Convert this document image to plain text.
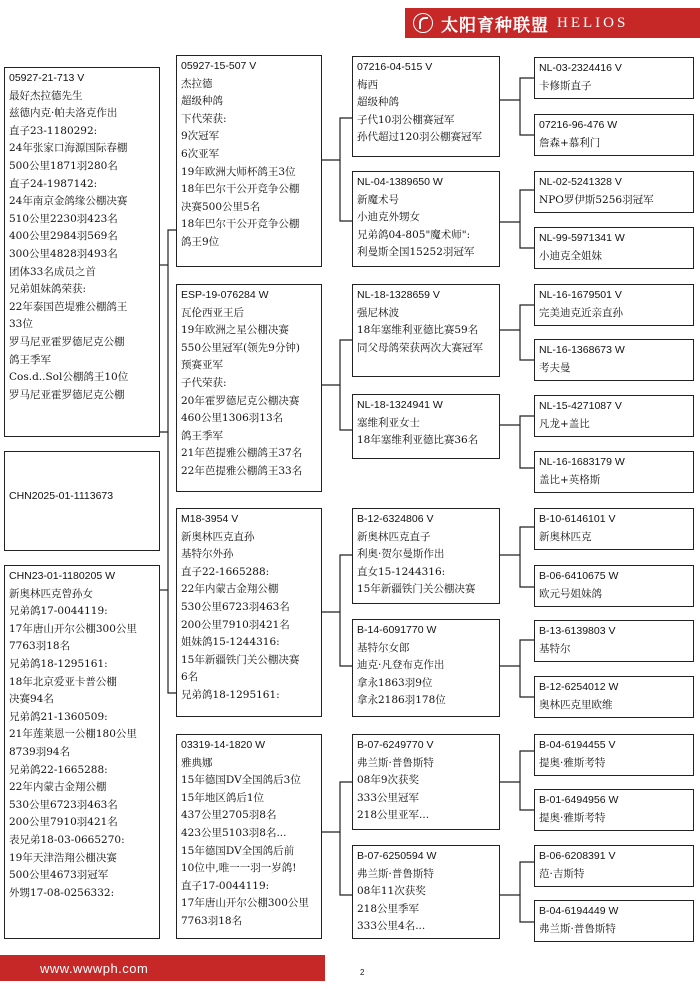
太阳育种联盟 HELIOS
05927-21-713 V
最好杰拉德先生
兹德内克·帕夫洛克作出
直子23-1180292:
24年张家口海源国际春棚
500公里1871羽280名
直子24-1987142:
24年南京金鸽缘公棚决赛
510公里2230羽423名
400公里2984羽569名
300公里4828羽493名
团体33名成员之首
兄弟姐妹鸽荣获:
22年泰国芭堤雅公棚鸽王
33位
罗马尼亚霍罗德尼克公棚
鸽王季军
Cos.d..Sol公棚鸽王10位
罗马尼亚霍罗德尼克公棚
CHN2025-01-1113673
CHN23-01-1180205 W
新奥林匹克曾孙女
兄弟鸽17-0044119:
17年唐山开尔公棚300公里
7763羽18名
兄弟鸽18-1295161:
18年北京爱亚卡普公棚
决赛94名
兄弟鸽21-1360509:
21年莲莱恩一公棚180公里
8739羽94名
兄弟鸽22-1665288:
22年内蒙古金翔公棚
530公里6723羽463名
200公里7910羽421名
表兄弟18-03-0665270:
19年天津浩翔公棚决赛
500公里4673羽冠军
外甥17-08-0256332:
05927-15-507 V
杰拉德
超级种鸽
下代荣获:
9次冠军
6次亚军
19年欧洲大师杯鸽王3位
18年巴尔干公开竞争公棚
决赛500公里5名
18年巴尔干公开竞争公棚
鸽王9位
ESP-19-076284 W
瓦伦西亚王后
19年欧洲之星公棚决赛
550公里冠军(领先9分钟)
预赛亚军
子代荣获:
20年霍罗德尼克公棚决赛
460公里1306羽13名
鸽王季军
21年芭提雅公棚鸽王37名
22年芭提雅公棚鸽王33名
M18-3954 V
新奥林匹克直孙
基特尔外孙
直子22-1665288:
22年内蒙古金翔公棚
530公里6723羽463名
200公里7910羽421名
姐妹鸽15-1244316:
15年新疆铁门关公棚决赛
6名
兄弟鸽18-1295161:
03319-14-1820 W
雅典娜
15年德国DV全国鸽后3位
15年地区鸽后1位
437公里2705羽8名
423公里5103羽8名...
15年德国DV全国鸽后前
10位中,唯一一羽一岁鸽!
直子17-0044119:
17年唐山开尔公棚300公里
7763羽18名
07216-04-515 V
梅西
超级种鸽
子代10羽公棚赛冠军
孙代超过120羽公棚赛冠军
NL-04-1389650 W
新魔术号
小迪克外甥女
兄弟鸽04-805"魔术师":
利曼斯全国15252羽冠军
NL-18-1328659 V
强尼林波
18年塞维利亚德比赛59名
同父母鸽荣获两次大赛冠军
NL-18-1324941 W
塞维利亚女士
18年塞维利亚德比赛36名
B-12-6324806 V
新奥林匹克直子
利奥·贺尔曼斯作出
直女15-1244316:
15年新疆铁门关公棚决赛
B-14-6091770 W
基特尔女郎
迪克·凡登布克作出
拿永1863羽9位
拿永2186羽178位
B-07-6249770 V
弗兰斯·普鲁斯特
08年9次获奖
333公里冠军
218公里亚军...
B-07-6250594 W
弗兰斯·普鲁斯特
08年11次获奖
218公里季军
333公里4名...
NL-03-2324416 V
卡修斯直子
07216-96-476 W
詹森+慕利门
NL-02-5241328 V
NPO罗伊斯5256羽冠军
NL-99-5971341 W
小迪克全姐妹
NL-16-1679501 V
完美迪克近亲直孙
NL-16-1368673 W
考夫曼
NL-15-4271087 V
凡龙+盖比
NL-16-1683179 W
盖比+英格斯
B-10-6146101 V
新奥林匹克
B-06-6410675 W
欧元号姐妹鸽
B-13-6139803 V
基特尔
B-12-6254012 W
奥林匹克里欧维
B-04-6194455 V
提奥·雅斯考特
B-01-6494956 W
提奥·雅斯考特
B-06-6208391 V
范·吉斯特
B-04-6194449 W
弗兰斯·普鲁斯特
www.wwwph.com	2
